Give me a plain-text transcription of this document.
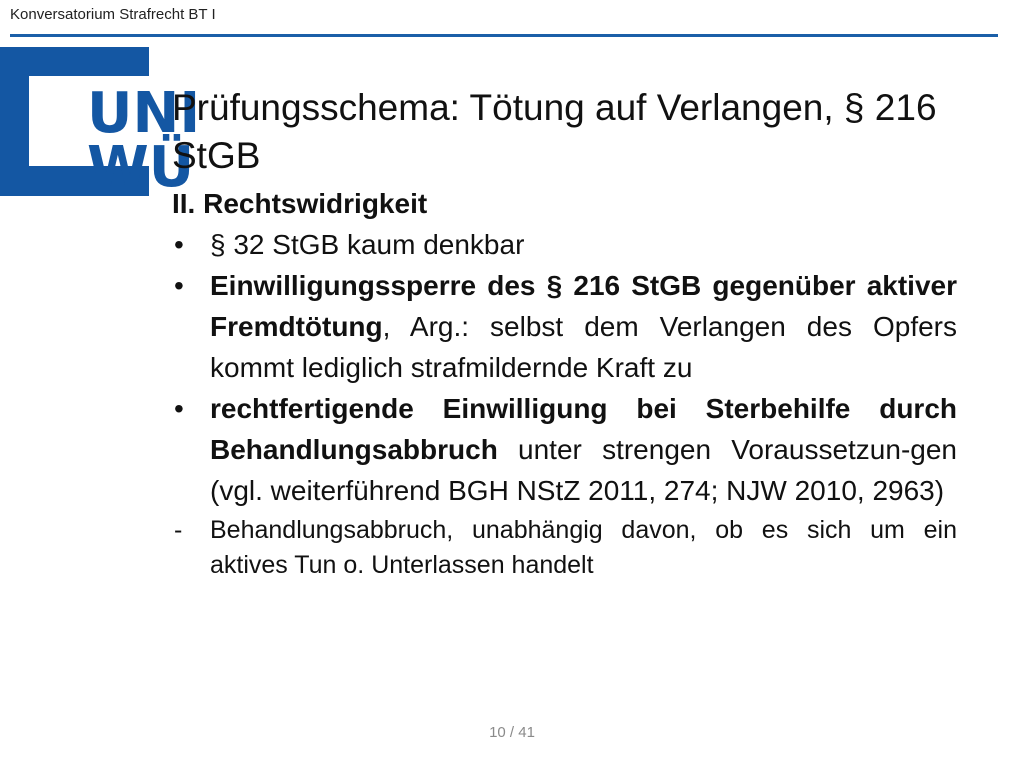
Konversatorium Strafrecht BT I
UNI
WÜ
Prüfungsschema: Tötung auf Verlangen, § 216 StGB

II. Rechtswidrigkeit

• § 32 StGB kaum denkbar
• Einwilligungssperre des § 216 StGB gegenüber aktiver Fremdtötung, Arg.: selbst dem Verlangen des Opfers kommt lediglich strafmildernde Kraft zu
• rechtfertigende Einwilligung bei Sterbehilfe durch Behandlungsabbruch unter strengen Voraussetzun-gen (vgl. weiterführend BGH NStZ 2011, 274; NJW 2010, 2963)
- Behandlungsabbruch, unabhängig davon, ob es sich um ein aktives Tun o. Unterlassen handelt
10 / 41
